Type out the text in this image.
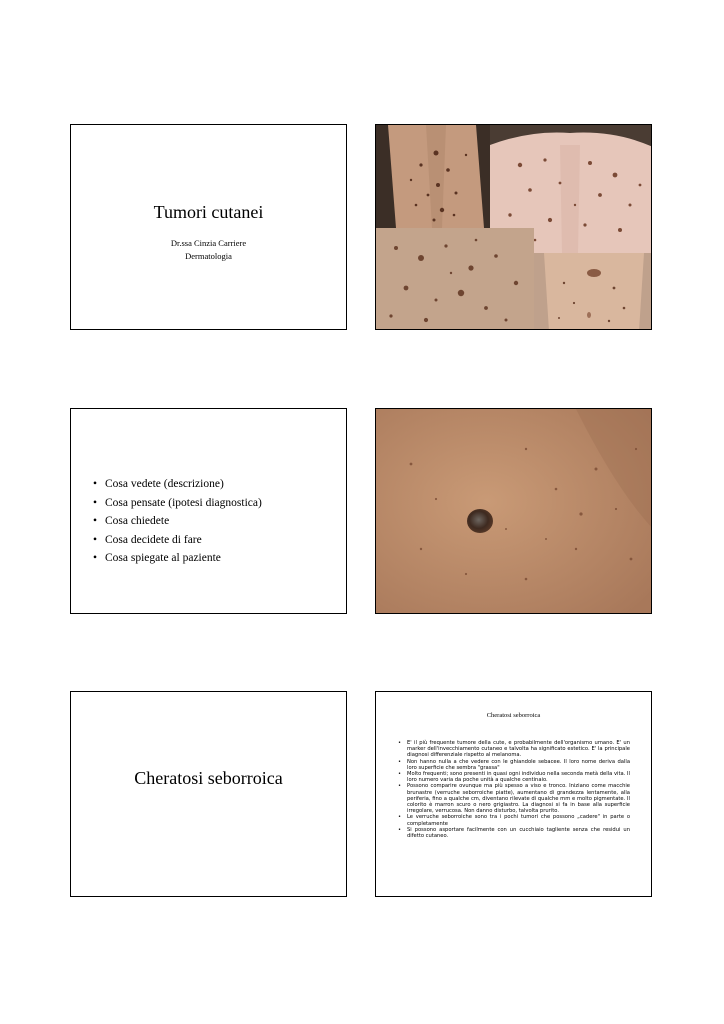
Tumori cutanei
Dr.ssa Cinzia Carriere
Dermatologia
• Cosa vedete (descrizione)
• Cosa pensate (ipotesi diagnostica)
• Cosa chiedete
• Cosa decidete di fare
• Cosa spiegate al paziente
Cheratosi seborroica
Cheratosi seborroica
• E' il più frequente tumore della cute, e probabilmente dell'organismo umano. E' un marker dell'invecchiamento cutaneo e talvolta ha significato estetico. E' la principale diagnosi differenziale rispetto al melanoma.
• Non hanno nulla a che vedere con le ghiandole sebacee. Il loro nome deriva dalla loro superficie che sembra "grassa"
• Molto frequenti; sono presenti in quasi ogni individuo nella seconda metà della vita. Il loro numero varia da poche unità a qualche centinaio.
• Possono comparire ovunque ma più spesso a viso e tronco. Iniziano come macchie brunastre (verruche seborroiche piatte), aumentano di grandezza lentamente, alla periferia, fino a qualche cm, diventano rilevate di qualche mm e molto pigmentate. Il colorito è marron scuro o nero grigiastro. La diagnosi si fa in base alla superficie irregolare, verrucosa. Non danno disturbo, talvolta prurito.
• Le verruche seborroiche sono tra i pochi tumori che possono „cadere" in parte o completamente
• Si possono asportare facilmente con un cucchiaio tagliente senza che residui un difetto cutaneo.
